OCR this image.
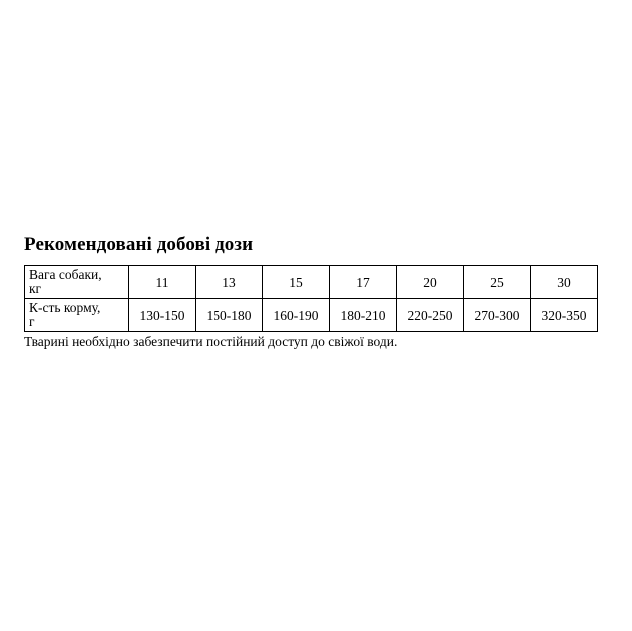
Рекомендовані добові дози
Вага собаки,
кг	11	13	15	17	20	25	30
К-сть корму,
г	130-150	150-180	160-190	180-210	220-250	270-300	320-350

Тварині необхідно забезпечити постійний доступ до свіжої води.
